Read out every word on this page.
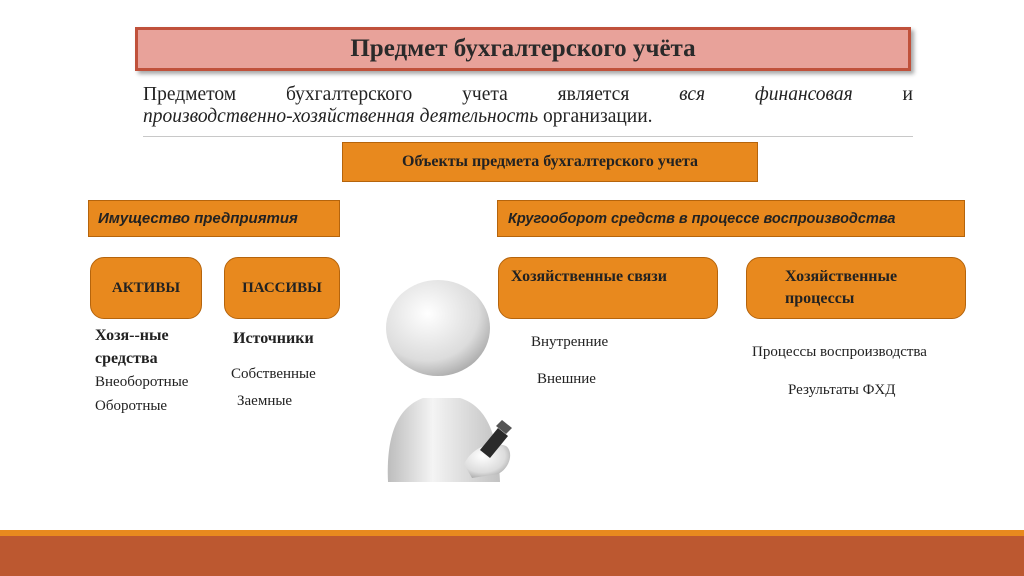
Предмет бухгалтерского учёта
Предметом	бухгалтерского	учета	является	вся	финансовая	и
производственно-хозяйственная деятельность организации.
Объекты предмета бухгалтерского учета
Имущество предприятия	Кругооборот средств в процессе воспроизводства
АКТИВЫ	ПАССИВЫ
Хозяйственные связи	Хозяйственные
процессы
Хозя--ные
средства
Внеоборотные
Оборотные
Источники
Собственные
Заемные
Внутренние
Внешние
Процессы воспроизводства
Результаты ФХД
